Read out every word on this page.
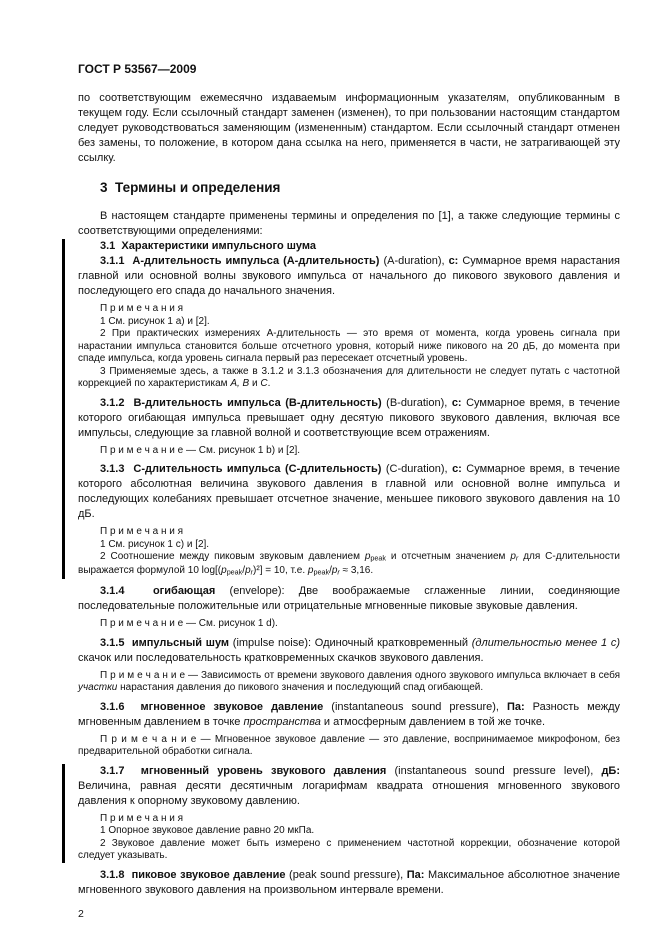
ГОСТ Р 53567—2009

по соответствующим ежемесячно издаваемым информационным указателям, опубликованным в текущем году. Если ссылочный стандарт заменен (изменен), то при пользовании настоящим стандартом следует руководствоваться заменяющим (измененным) стандартом. Если ссылочный стандарт отменен без замены, то положение, в котором дана ссылка на него, применяется в части, не затрагивающей эту ссылку.

3  Термины и определения

В настоящем стандарте применены термины и определения по [1], а также следующие термины с соответствующими определениями:

3.1  Характеристики импульсного шума

3.1.1  А-длительность импульса (А-длительность) (A-duration), с: Суммарное время нарастания главной или основной волны звукового импульса от начального до пикового звукового давления и последующего его спада до начального значения.

П р и м е ч а н и я

1 См. рисунок 1 a) и [2].

2 При практических измерениях А-длительность — это время от момента, когда уровень сигнала при нарастании импульса становится больше отсчетного уровня, который ниже пикового на 20 дБ, до момента при спаде импульса, когда уровень сигнала первый раз пересекает отсчетный уровень.

3 Применяемые здесь, а также в 3.1.2 и 3.1.3 обозначения для длительности не следует путать с частотной коррекцией по характеристикам А, В и С.

3.1.2  В-длительность импульса (В-длительность) (B-duration), с: Суммарное время, в течение которого огибающая импульса превышает одну десятую пикового звукового давления, включая все импульсы, следующие за главной волной и соответствующие всем отражениям.

П р и м е ч а н и е — См. рисунок 1 b) и [2].

3.1.3  С-длительность импульса (С-длительность) (C-duration), с: Суммарное время, в течение которого абсолютная величина звукового давления в главной или основной волне импульса и последующих колебаниях превышает отсчетное значение, меньшее пикового звукового давления на 10 дБ.

П р и м е ч а н и я

1 См. рисунок 1 c) и [2].

2 Соотношение между пиковым звуковым давлением ppeak и отсчетным значением pr для С-длительности выражается формулой 10 log[(ppeak/pr)²] = 10, т.е. ppeak/pr ≈ 3,16.

3.1.4  огибающая (envelope): Две воображаемые сглаженные линии, соединяющие последовательные положительные или отрицательные мгновенные пиковые звуковые давления.

П р и м е ч а н и е — См. рисунок 1 d).

3.1.5  импульсный шум (impulse noise): Одиночный кратковременный (длительностью менее 1 с) скачок или последовательность кратковременных скачков звукового давления.

П р и м е ч а н и е — Зависимость от времени звукового давления одного звукового импульса включает в себя участки нарастания давления до пикового значения и последующий спад огибающей.

3.1.6  мгновенное звуковое давление (instantaneous sound pressure), Па: Разность между мгновенным давлением в точке пространства и атмосферным давлением в той же точке.

П р и м е ч а н и е — Мгновенное звуковое давление — это давление, воспринимаемое микрофоном, без предварительной обработки сигнала.

3.1.7  мгновенный уровень звукового давления (instantaneous sound pressure level), дБ: Величина, равная десяти десятичным логарифмам квадрата отношения мгновенного звукового давления к опорному звуковому давлению.

П р и м е ч а н и я

1 Опорное звуковое давление равно 20 мкПа.

2 Звуковое давление может быть измерено с применением частотной коррекции, обозначение которой следует указывать.

3.1.8  пиковое звуковое давление (peak sound pressure), Па: Максимальное абсолютное значение мгновенного звукового давления на произвольном интервале времени.

2
